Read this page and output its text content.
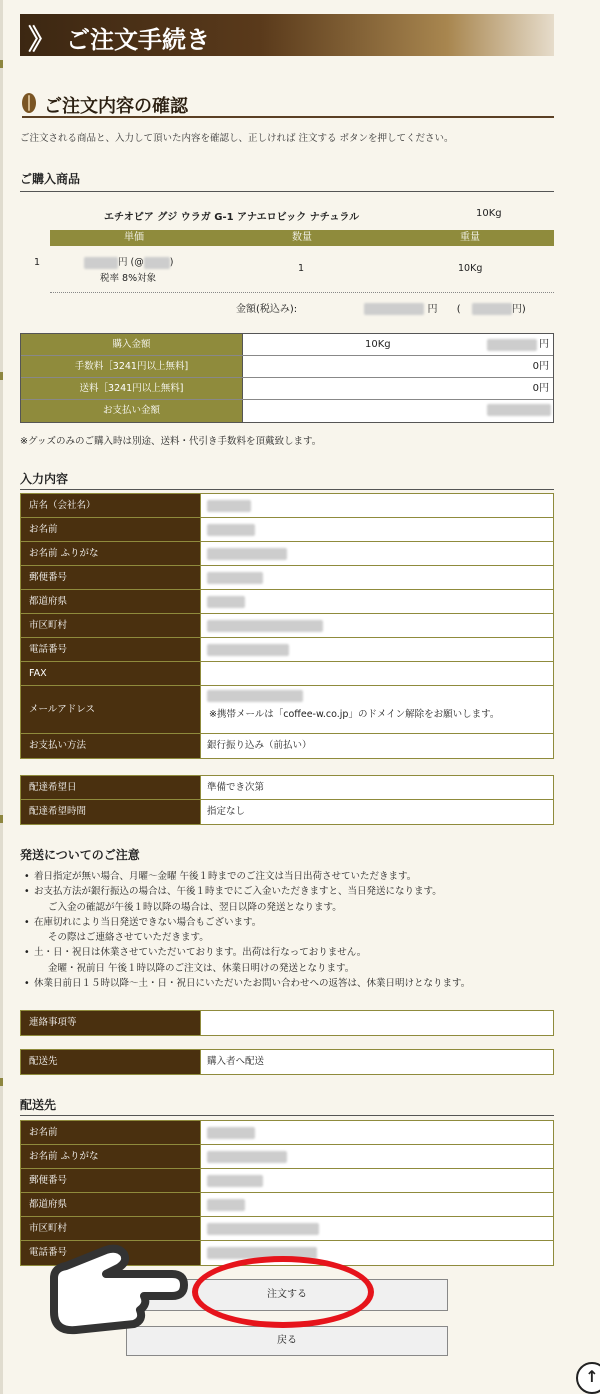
》 ご注文手続き
ご注文内容の確認
ご注文される商品と、入力して頂いた内容を確認し、正しければ 注文する ボタンを押してください。
ご購入商品
エチオピア グジ ウラガ G-1 アナエロビック ナチュラル	10Kg
単価	数量	重量
1	円 (@	)
税率 8%対象
1	10Kg
金額(税込み):	円 (	円)
購入金額	10Kg	円
手数料［3241円以上無料]	0円
送料［3241円以上無料]	0円
お支払い金額
※グッズのみのご購入時は別途、送料・代引き手数料を頂戴致します。
入力内容
店名（会社名）
お名前
お名前 ふりがな
郵便番号
都道府県
市区町村
電話番号
FAX
メールアドレス	※携帯メールは「coffee-w.co.jp」のドメイン解除をお願いします。
お支払い方法	銀行振り込み（前払い）
配達希望日	準備でき次第
配達希望時間	指定なし
発送についてのご注意
• 着日指定が無い場合、月曜～金曜 午後１時までのご注文は当日出荷させていただきます。
• お支払方法が銀行振込の場合は、午後１時までにご入金いただきますと、当日発送になります。
ご入金の確認が午後１時以降の場合は、翌日以降の発送となります。
• 在庫切れにより当日発送できない場合もございます。
その際はご連絡させていただきます。
• 土・日・祝日は休業させていただいております。出荷は行なっておりません。
金曜・祝前日 午後１時以降のご注文は、休業日明けの発送となります。
• 休業日前日１５時以降～土・日・祝日にいただいたお問い合わせへの返答は、休業日明けとなります。
連絡事項等
配送先	購入者へ配送
配送先
お名前
お名前 ふりがな
郵便番号
都道府県
市区町村
電話番号
注文する
戻る
↑
